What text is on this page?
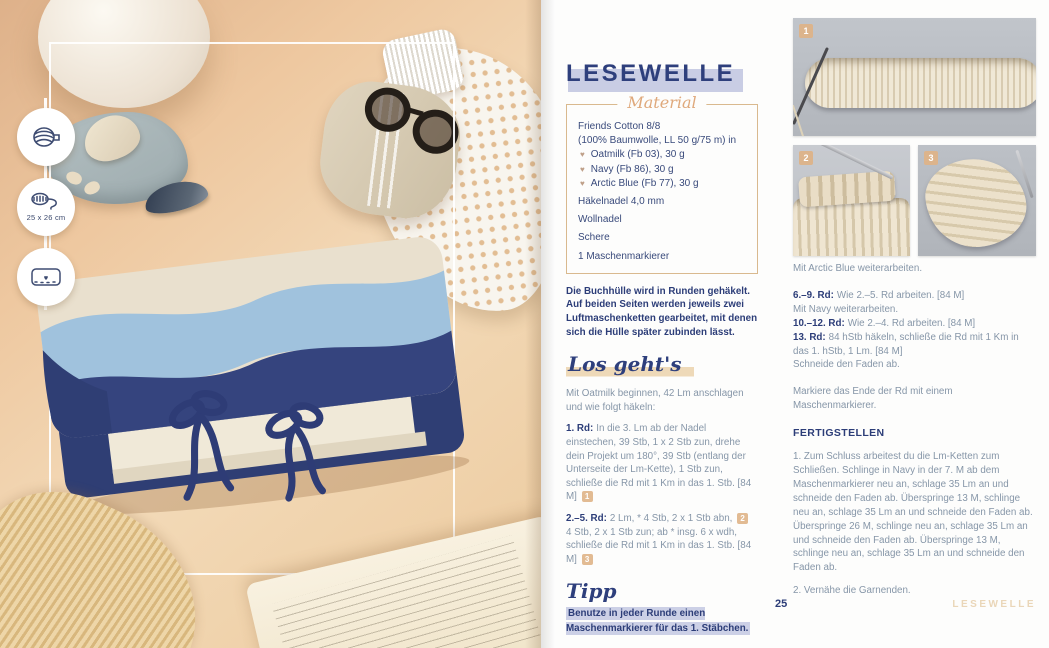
25 x 26 cm
LESEWELLE
Material
Friends Cotton 8/8
(100% Baumwolle, LL 50 g/75 m) in
♥ Oatmilk (Fb 03), 30 g
♥ Navy (Fb 86), 30 g
♥ Arctic Blue (Fb 77), 30 g
Häkelnadel 4,0 mm
Wollnadel
Schere
1 Maschenmarkierer

Die Buchhülle wird in Runden gehäkelt. Auf beiden Seiten werden jeweils zwei Luftmaschenketten gearbeitet, mit denen sich die Hülle später zubinden lässt.

Los geht's

Mit Oatmilk beginnen, 42 Lm anschlagen und wie folgt häkeln:

1. Rd: In die 3. Lm ab der Nadel einstechen, 39 Stb, 1 x 2 Stb zun, drehe dein Projekt um 180°, 39 Stb (entlang der Unterseite der Lm-Kette), 1 Stb zun, schließe die Rd mit 1 Km in das 1. Stb. [84 M] 1

2.–5. Rd: 2 Lm, * 4 Stb, 2 x 1 Stb abn, 2 4 Stb, 2 x 1 Stb zun; ab * insg. 6 x wdh, schließe die Rd mit 1 Km in das 1. Stb. [84 M] 3

Tipp

Benutze in jeder Runde einen Maschenmarkierer für das 1. Stäbchen.

25
1
2	3
Mit Arctic Blue weiterarbeiten.
6.–9. Rd: Wie 2.–5. Rd arbeiten. [84 M]
Mit Navy weiterarbeiten.
10.–12. Rd: Wie 2.–4. Rd arbeiten. [84 M]
13. Rd: 84 hStb häkeln, schließe die Rd mit 1 Km in das 1. hStb, 1 Lm. [84 M]
Schneide den Faden ab.
Markiere das Ende der Rd mit einem Maschenmarkierer.
FERTIGSTELLEN
1. Zum Schluss arbeitest du die Lm-Ketten zum Schließen. Schlinge in Navy in der 7. M ab dem Maschenmarkierer neu an, schlage 35 Lm an und schneide den Faden ab. Überspringe 13 M, schlinge neu an, schlage 35 Lm an und schneide den Faden ab. Überspringe 26 M, schlinge neu an, schlage 35 Lm an und schneide den Faden ab. Überspringe 13 M, schlinge neu an, schlage 35 Lm an und schneide den Faden ab.
2. Vernähe die Garnenden.
LESEWELLE
